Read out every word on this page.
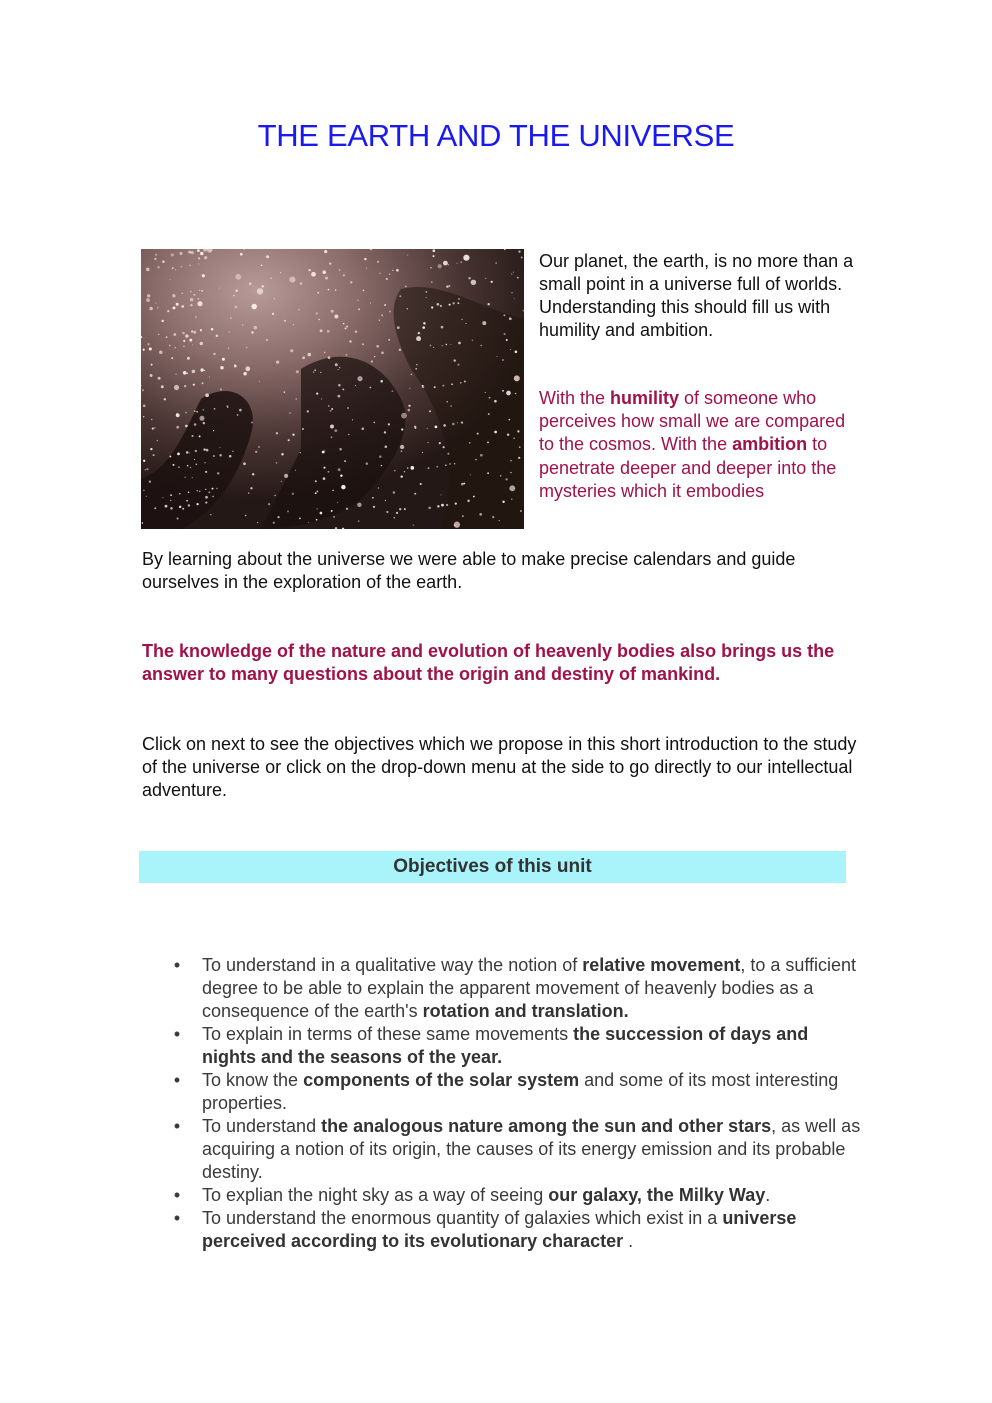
THE EARTH AND THE UNIVERSE

Our planet, the earth, is no more than a small point in a universe full of worlds. Understanding this should fill us with humility and ambition.

With the humility of someone who perceives how small we are compared to the cosmos. With the ambition to penetrate deeper and deeper into the mysteries which it embodies

By learning about the universe we were able to make precise calendars and guide ourselves in the exploration of the earth.

The knowledge of the nature and evolution of heavenly bodies also brings us the answer to many questions about the origin and destiny of mankind.

Click on next to see the objectives which we propose in this short introduction to the study of the universe or click on the drop-down menu at the side to go directly to our intellectual adventure.

Objectives of this unit
• To understand in a qualitative way the notion of relative movement, to a sufficient degree to be able to explain the apparent movement of heavenly bodies as a consequence of the earth's rotation and translation.
• To explain in terms of these same movements the succession of days and nights and the seasons of the year.
• To know the components of the solar system and some of its most interesting properties.
• To understand the analogous nature among the sun and other stars, as well as acquiring a notion of its origin, the causes of its energy emission and its probable destiny.
• To explian the night sky as a way of seeing our galaxy, the Milky Way.
• To understand the enormous quantity of galaxies which exist in a universe perceived according to its evolutionary character .
